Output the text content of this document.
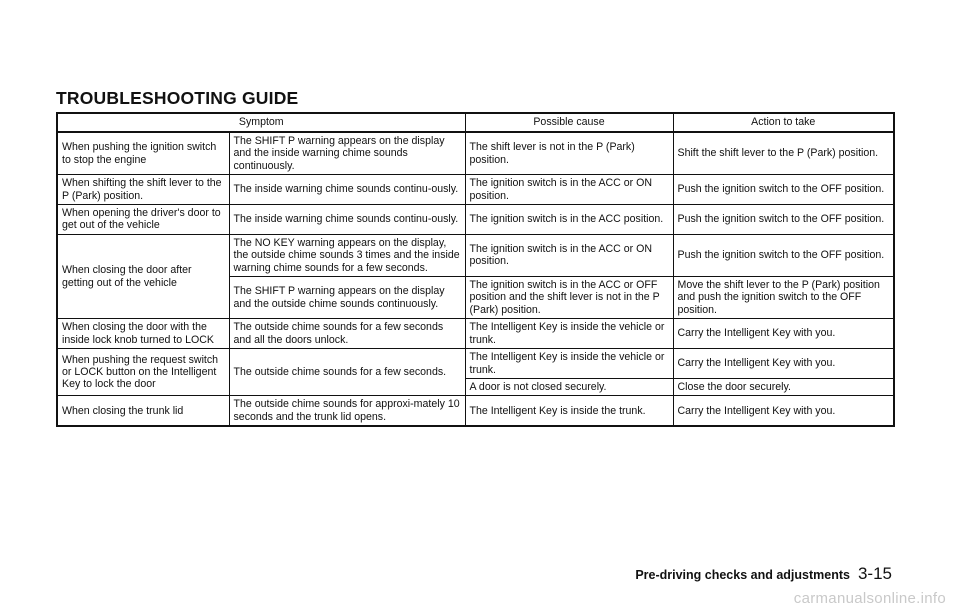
TROUBLESHOOTING GUIDE
Symptom		Possible cause	Action to take
When pushing the ignition switch to stop the engine	The SHIFT P warning appears on the display and the inside warning chime sounds continuously.	The shift lever is not in the P (Park) position.	Shift the shift lever to the P (Park) position.
When shifting the shift lever to the P (Park) position.	The inside warning chime sounds continu-ously.	The ignition switch is in the ACC or ON position.	Push the ignition switch to the OFF position.
When opening the driver's door to get out of the vehicle	The inside warning chime sounds continu-ously.	The ignition switch is in the ACC position.	Push the ignition switch to the OFF position.
When closing the door after getting out of the vehicle	The NO KEY warning appears on the display, the outside chime sounds 3 times and the inside warning chime sounds for a few seconds.	The ignition switch is in the ACC or ON position.	Push the ignition switch to the OFF position.
	The SHIFT P warning appears on the display and the outside chime sounds continuously.	The ignition switch is in the ACC or OFF position and the shift lever is not in the P (Park) position.	Move the shift lever to the P (Park) position and push the ignition switch to the OFF position.
When closing the door with the inside lock knob turned to LOCK	The outside chime sounds for a few seconds and all the doors unlock.	The Intelligent Key is inside the vehicle or trunk.	Carry the Intelligent Key with you.
When pushing the request switch or LOCK button on the Intelligent Key to lock the door	The outside chime sounds for a few seconds.	The Intelligent Key is inside the vehicle or trunk.	Carry the Intelligent Key with you.
		A door is not closed securely.	Close the door securely.
When closing the trunk lid	The outside chime sounds for approxi-mately 10 seconds and the trunk lid opens.	The Intelligent Key is inside the trunk.	Carry the Intelligent Key with you.
Pre-driving checks and adjustments 3-15
carmanualsonline.info
